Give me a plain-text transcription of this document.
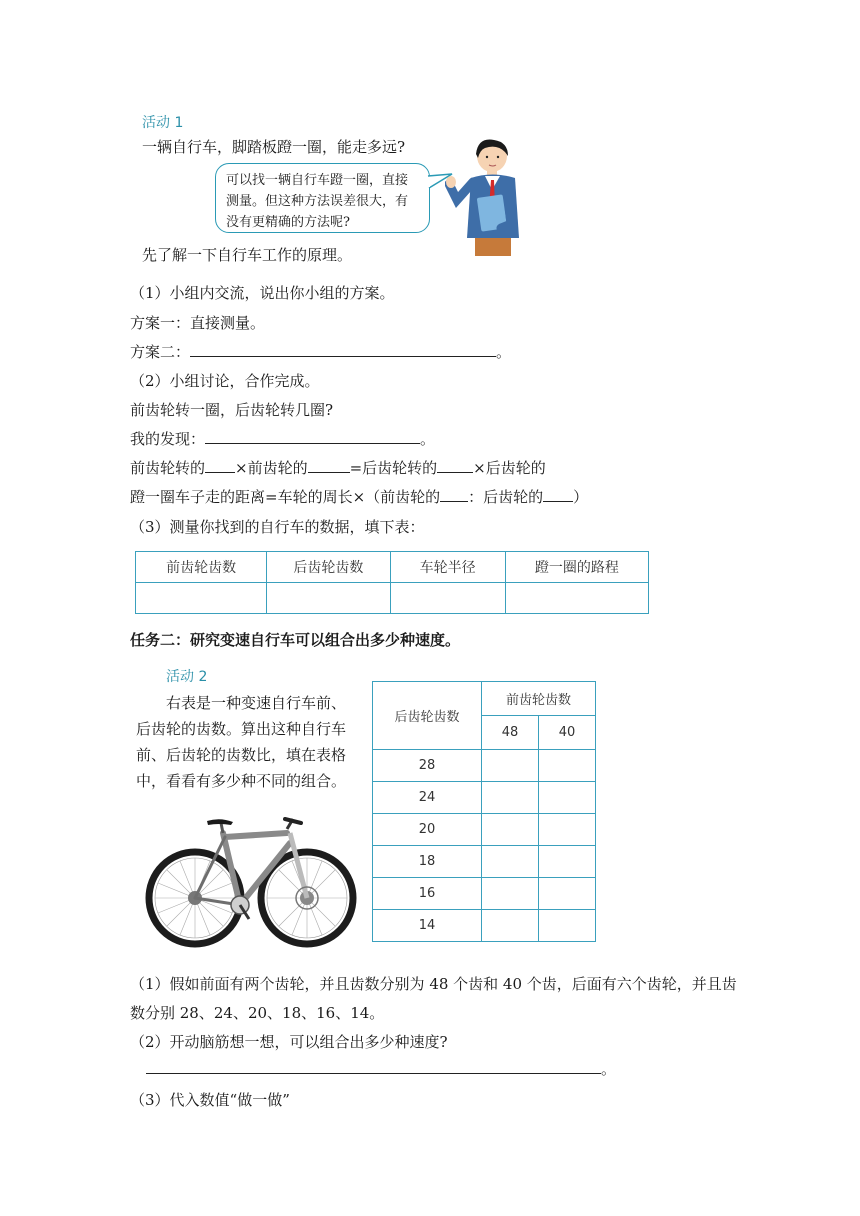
活动 1
一辆自行车，脚踏板蹬一圈，能走多远?
可以找一辆自行车蹬一圈，直接
测量。但这种方法误差很大，有
没有更精确的方法呢?
先了解一下自行车工作的原理。
（1）小组内交流，说出你小组的方案。
方案一：直接测量。
方案二：	。
（2）小组讨论，合作完成。
前齿轮转一圈，后齿轮转几圈?
我的发现：	。
前齿轮转的 ×前齿轮的	=后齿轮转的 ×后齿轮的
蹬一圈车子走的距离=车轮的周长×（前齿轮的 ：后齿轮的 ）
（3）测量你找到的自行车的数据，填下表：
前齿轮齿数	后齿轮齿数	车轮半径	蹬一圈的路程

任务二：研究变速自行车可以组合出多少种速度。
活动 2
右表是一种变速自行车前、
后齿轮的齿数。算出这种自行车
前、后齿轮的齿数比，填在表格
中，看看有多少种不同的组合。
后齿轮齿数	前齿轮齿数	
	48	40
28		
24		
20		
18		
16		
14		
（1）假如前面有两个齿轮，并且齿数分别为 48 个齿和 40 个齿，后面有六个齿轮，并且齿
数分别 28、24、20、18、16、14。
（2）开动脑筋想一想，可以组合出多少种速度?
。
（3）代入数值“做一做”
